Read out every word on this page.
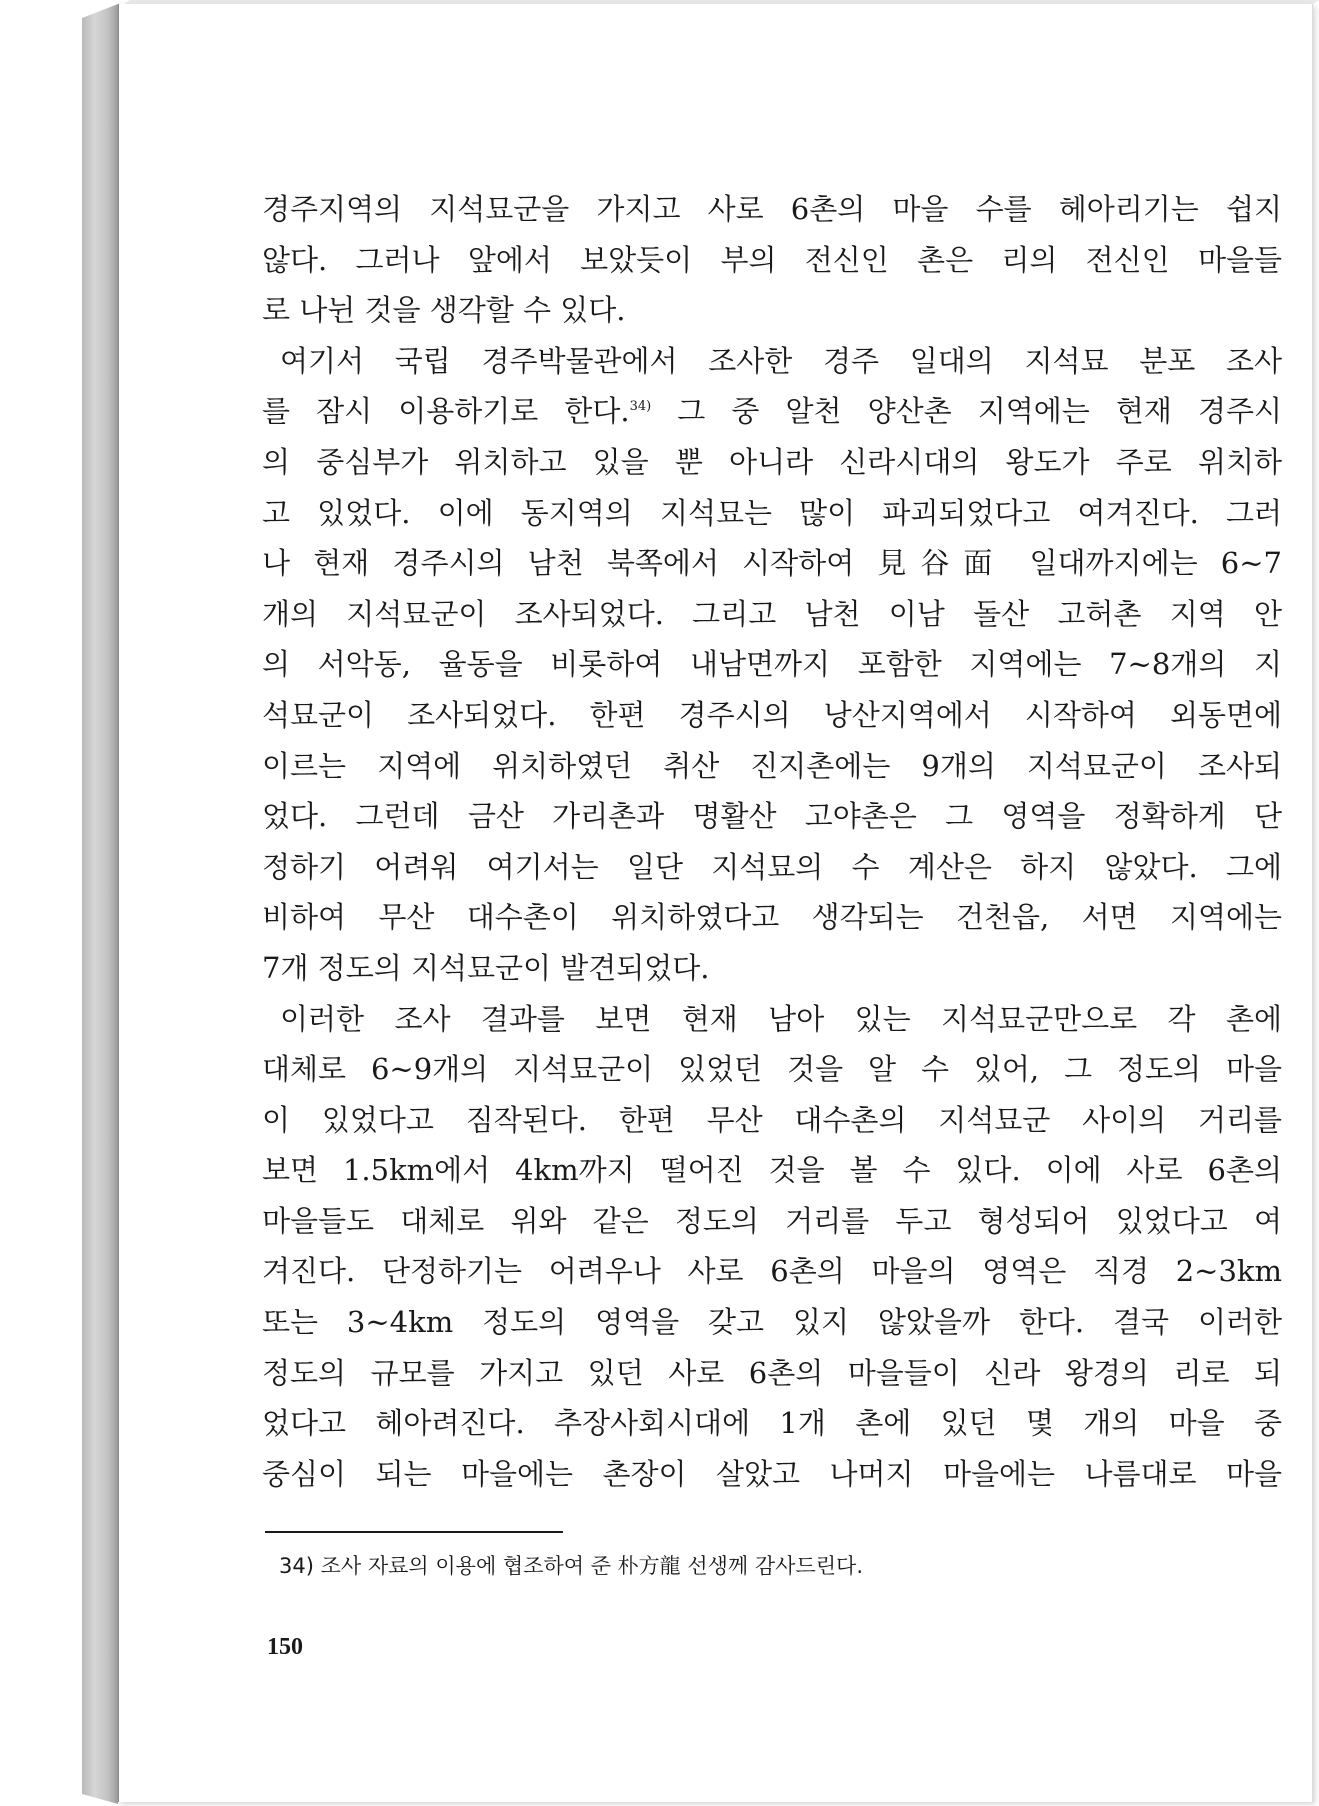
경주지역의 지석묘군을 가지고 사로 6촌의 마을 수를 헤아리기는 쉽지
않다. 그러나 앞에서 보았듯이 부의 전신인 촌은 리의 전신인 마을들
로 나뉜 것을 생각할 수 있다.
여기서 국립 경주박물관에서 조사한 경주 일대의 지석묘 분포 조사
를 잠시 이용하기로 한다.$^{34)}$ 그 중 알천 양산촌 지역에는 현재 경주시
의 중심부가 위치하고 있을 뿐 아니라 신라시대의 왕도가 주로 위치하
고 있었다. 이에 동지역의 지석묘는 많이 파괴되었다고 여겨진다. 그러
나 현재 경주시의 남천 북쪽에서 시작하여 見谷面 일대까지에는 6~7
개의 지석묘군이 조사되었다. 그리고 남천 이남 돌산 고허촌 지역 안
의 서악동, 율동을 비롯하여 내남면까지 포함한 지역에는 7~8개의 지
석묘군이 조사되었다. 한편 경주시의 낭산지역에서 시작하여 외동면에
이르는 지역에 위치하였던 취산 진지촌에는 9개의 지석묘군이 조사되
었다. 그런데 금산 가리촌과 명활산 고야촌은 그 영역을 정확하게 단
정하기 어려워 여기서는 일단 지석묘의 수 계산은 하지 않았다. 그에
비하여 무산 대수촌이 위치하였다고 생각되는 건천읍, 서면 지역에는
7개 정도의 지석묘군이 발견되었다.
이러한 조사 결과를 보면 현재 남아 있는 지석묘군만으로 각 촌에
대체로 6~9개의 지석묘군이 있었던 것을 알 수 있어, 그 정도의 마을
이 있었다고 짐작된다. 한편 무산 대수촌의 지석묘군 사이의 거리를
보면 1.5km에서 4km까지 떨어진 것을 볼 수 있다. 이에 사로 6촌의
마을들도 대체로 위와 같은 정도의 거리를 두고 형성되어 있었다고 여
겨진다. 단정하기는 어려우나 사로 6촌의 마을의 영역은 직경 2~3km
또는 3~4km 정도의 영역을 갖고 있지 않았을까 한다. 결국 이러한
정도의 규모를 가지고 있던 사로 6촌의 마을들이 신라 왕경의 리로 되
었다고 헤아려진다. 추장사회시대에 1개 촌에 있던 몇 개의 마을 중
중심이 되는 마을에는 촌장이 살았고 나머지 마을에는 나름대로 마을
34) 조사 자료의 이용에 협조하여 준 朴方龍 선생께 감사드린다.
150
